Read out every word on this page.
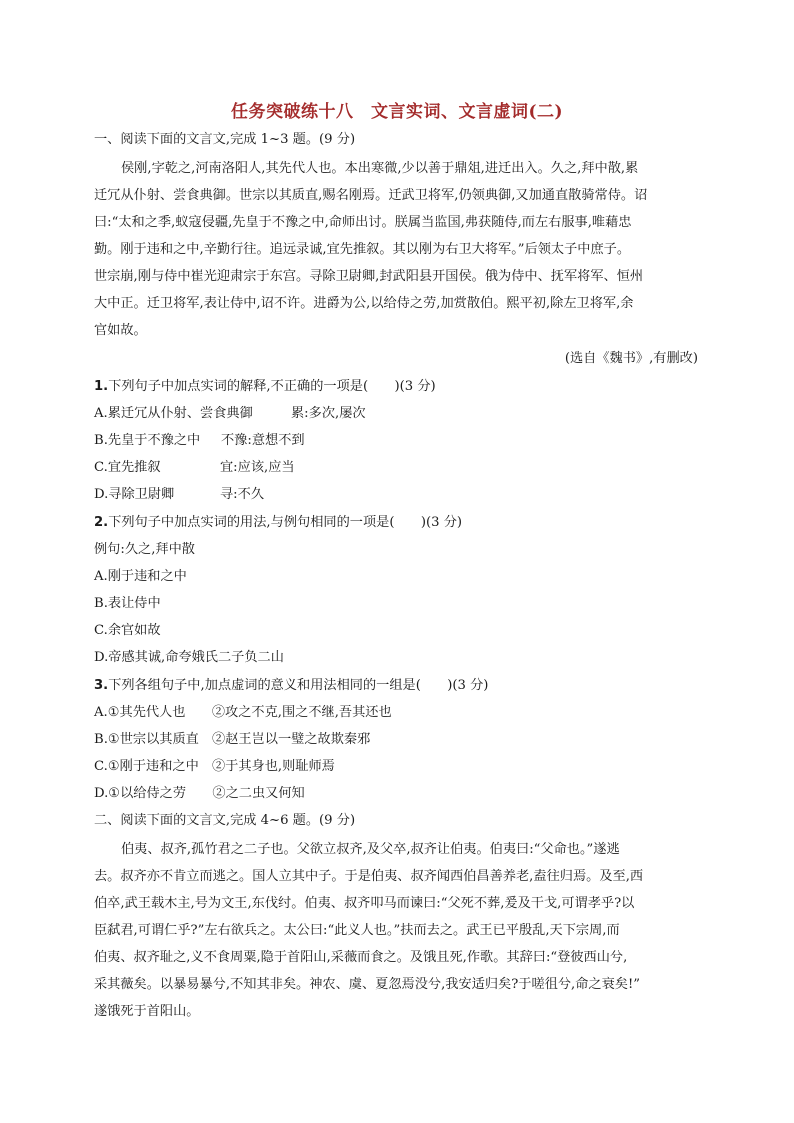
任务突破练十八　文言实词、文言虚词(二)
一、阅读下面的文言文,完成 1~3 题。(9 分)
侯刚,字乾之,河南洛阳人,其先代人也。本出寒微,少以善于鼎俎,进迁出入。久之,拜中散,累
迁冗从仆射、尝食典御。世宗以其质直,赐名刚焉。迁武卫将军,仍领典御,又加通直散骑常侍。诏
曰:“太和之季,蚁寇侵疆,先皇于不豫之中,命师出讨。朕属当监国,弗获随侍,而左右服事,唯藉忠
勤。刚于违和之中,辛勤行往。追远录诚,宜先推叙。其以刚为右卫大将军。”后领太子中庶子。
世宗崩,刚与侍中崔光迎肃宗于东宫。寻除卫尉卿,封武阳县开国侯。俄为侍中、抚军将军、恒州
大中正。迁卫将军,表让侍中,诏不许。进爵为公,以给侍之劳,加赏散伯。熙平初,除左卫将军,余
官如故。
(选自《魏书》,有删改)
1.下列句子中加点实词的解释,不正确的一项是(　　)(3 分)
A.累迁冗从仆射、尝食典御	累:多次,屡次
B.先皇于不豫之中 不豫:意想不到
C.宜先推叙	宜:应该,应当
D.寻除卫尉卿	寻:不久
2.下列句子中加点实词的用法,与例句相同的一项是(　　)(3 分)
例句:久之,拜中散
A.刚于违和之中
B.表让侍中
C.余官如故
D.帝感其诚,命夸娥氏二子负二山
3.下列各组句子中,加点虚词的意义和用法相同的一组是(　　)(3 分)
A.①其先代人也　　②攻之不克,围之不继,吾其还也
B.①世宗以其质直　②赵王岂以一璧之故欺秦邪
C.①刚于违和之中　②于其身也,则耻师焉
D.①以给侍之劳　　②之二虫又何知
二、阅读下面的文言文,完成 4~6 题。(9 分)
伯夷、叔齐,孤竹君之二子也。父欲立叔齐,及父卒,叔齐让伯夷。伯夷曰:“父命也。”遂逃
去。叔齐亦不肯立而逃之。国人立其中子。于是伯夷、叔齐闻西伯昌善养老,盍往归焉。及至,西
伯卒,武王载木主,号为文王,东伐纣。伯夷、叔齐叩马而谏曰:“父死不葬,爰及干戈,可谓孝乎?以
臣弑君,可谓仁乎?”左右欲兵之。太公曰:“此义人也。”扶而去之。武王已平殷乱,天下宗周,而
伯夷、叔齐耻之,义不食周粟,隐于首阳山,采薇而食之。及饿且死,作歌。其辞曰:“登彼西山兮,
采其薇矣。以暴易暴兮,不知其非矣。神农、虞、夏忽焉没兮,我安适归矣?于嗟徂兮,命之衰矣!”
遂饿死于首阳山。
